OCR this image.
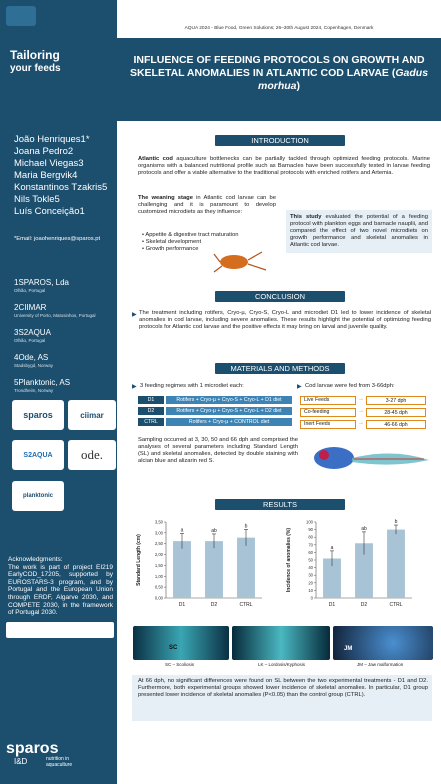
Tailoring
your feeds
João Henriques1*
Joana Pedro2
Michael Viegas3
Maria Bergvik4
Konstantinos Tzakris5
Nils Tokle5
Luís Conceição1
*Email: joaohenriques@sparos.pt
1SPAROS, Lda
Olhão, Portugal
2CIIMAR
University of Porto, Matosinhos, Portugal
3S2AQUA
Olhão, Portugal
4Ode, AS
Stadsbygd, Norway
5Planktonic, AS
Trondheim, Norway
sparos	ciimar
S2AQUA	ode.
planktonic
Acknowledgments:
The work is part of project EI219 EarlyCOD_17205, supported by EUROSTARS-3 program, and by Portugal and the European Union through ERDF, Algarve 2030, and COMPETE 2030, in the framework of Portugal 2030.
sparos
I&D	nutrition in aquaculture
AQUA 2024 - Blue Food, Green Solutions; 26–30th August 2024, Copenhagen, Denmark
INFLUENCE OF FEEDING PROTOCOLS ON GROWTH AND SKELETAL ANOMALIES IN ATLANTIC COD LARVAE (Gadus morhua)
INTRODUCTION
Atlantic cod aquaculture bottlenecks can be partially tackled through optimized feeding protocols. Marine organisms with a balanced nutritional profile such as Barnacles have been successfully tested in larvae feeding protocols and offer a viable alternative to the traditional protocols with enriched rotifers and Artemia.
The weaning stage in Atlantic cod larvae can be challenging and it is paramount to develop customized microdiets as they influence:
• Appetite & digestive tract maturation
• Skeletal development
• Growth performance
This study evaluated the potential of a feeding protocol with plankton eggs and barnacle nauplii, and compared the effect of two novel microdiets on growth performance and skeletal anomalies in Atlantic cod larvae.
CONCLUSION
▶ The treatment including rotifers, Cryo-µ, Cryo-S, Cryo-L and microdiet D1 led to lower incidence of skeletal anomalies in cod larvae, including severe anomalies. These results highlight the potential of optimizing feeding protocols for Atlantic cod larvae and the positive effects it may bring on larval and juvenile quality.
MATERIALS AND METHODS
▶ 3 feeding regimes with 1 microdiet each:	▶ Cod larvae were fed from 3-66dph:
D1	Rotifers + Cryo-µ + Cryo-S + Cryo-L + D1 diet
D2	Rotifers + Cryo-µ + Cryo-S + Cryo-L + D2 diet
CTRL	Rotifers + Cryo-µ + CONTROL diet
Live Feeds	→	3-27 dph
Co-feeding	→	28-45 dph
Inert Feeds	→	46-66 dph
Sampling occurred at 3, 30, 50 and 66 dph and comprised the analyses of several parameters including Standard Length (SL) and skeletal anomalies, detected by double staining with alcian blue and alizarin red S.
RESULTS
0,00
0,50
1,00
1,50
2,00
2,50
3,00
3,50
Standard Length (cm)
a
D1
ab
D2
b
CTRL
0
10
20
30
40
50
60
70
80
90
100
Incidence of anomalies (%)	a
D1
ab
D2
b
CTRL
SC	JM
SC – Scoliosis	LK – Lordosis/Kyphosis	JM – Jaw malformation
At 66 dph, no significant differences were found on SL between the two experimental treatments - D1 and D2. Furthermore, both experimental groups showed lower incidence of skeletal anomalies. In particular, D1 group presented lower incidence of skeletal anomalies (P<0.05) than the control group (CTRL).
